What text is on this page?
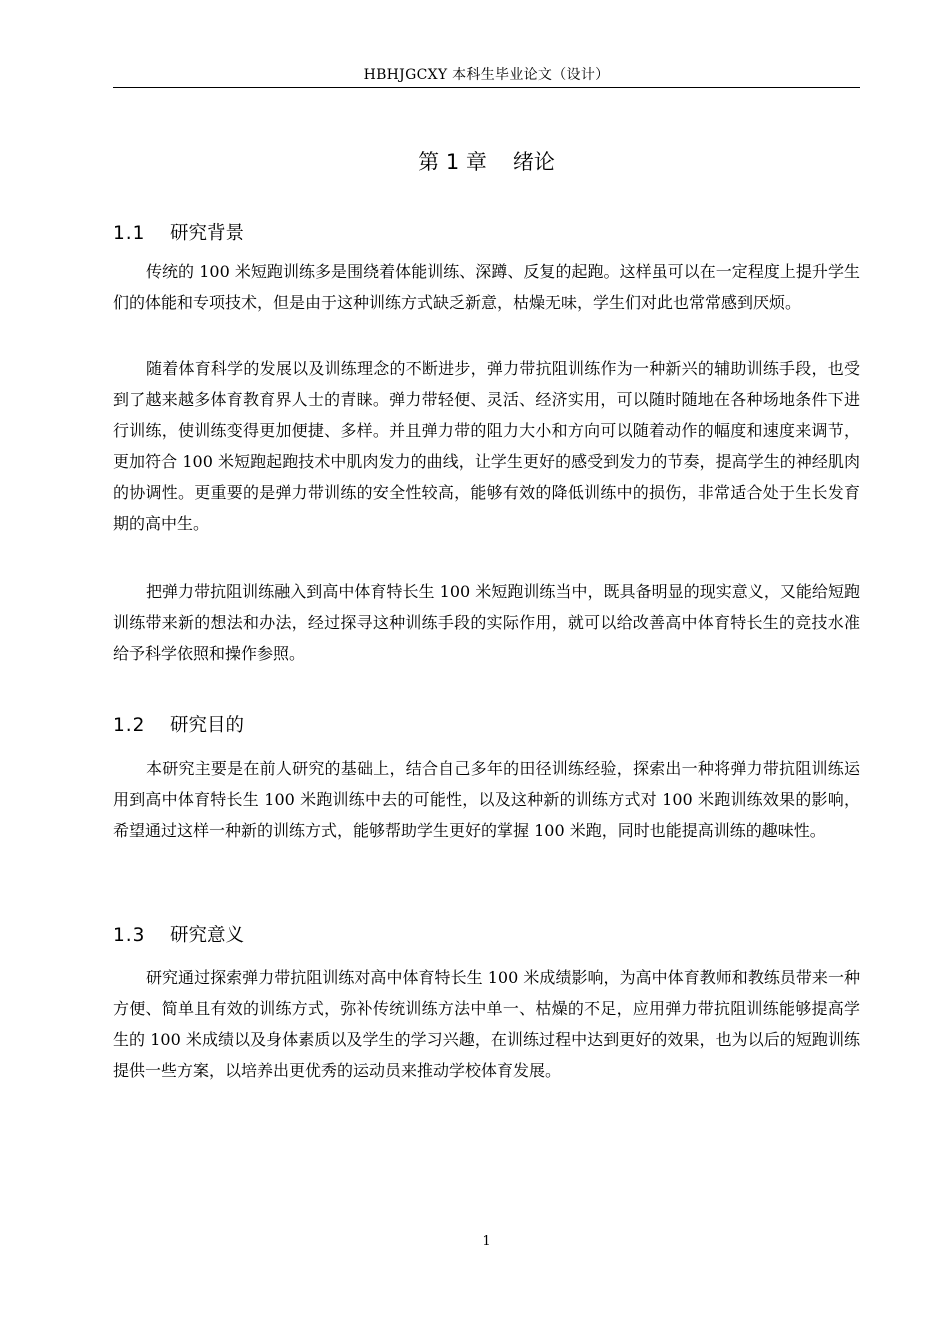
HBHJGCXY 本科生毕业论文（设计）
第 1 章 绪论
1.1 研究背景

传统的 100 米短跑训练多是围绕着体能训练、深蹲、反复的起跑。这样虽可以在一定程度上提升学生们的体能和专项技术，但是由于这种训练方式缺乏新意，枯燥无味，学生们对此也常常感到厌烦。

随着体育科学的发展以及训练理念的不断进步，弹力带抗阻训练作为一种新兴的辅助训练手段，也受到了越来越多体育教育界人士的青睐。弹力带轻便、灵活、经济实用，可以随时随地在各种场地条件下进行训练，使训练变得更加便捷、多样。并且弹力带的阻力大小和方向可以随着动作的幅度和速度来调节，更加符合 100 米短跑起跑技术中肌肉发力的曲线，让学生更好的感受到发力的节奏，提高学生的神经肌肉的协调性。更重要的是弹力带训练的安全性较高，能够有效的降低训练中的损伤，非常适合处于生长发育期的高中生。

把弹力带抗阻训练融入到高中体育特长生 100 米短跑训练当中，既具备明显的现实意义，又能给短跑训练带来新的想法和办法，经过探寻这种训练手段的实际作用，就可以给改善高中体育特长生的竞技水准给予科学依照和操作参照。

1.2 研究目的

本研究主要是在前人研究的基础上，结合自己多年的田径训练经验，探索出一种将弹力带抗阻训练运用到高中体育特长生 100 米跑训练中去的可能性，以及这种新的训练方式对 100 米跑训练效果的影响，希望通过这样一种新的训练方式，能够帮助学生更好的掌握 100 米跑，同时也能提高训练的趣味性。

1.3 研究意义

研究通过探索弹力带抗阻训练对高中体育特长生 100 米成绩影响，为高中体育教师和教练员带来一种方便、简单且有效的训练方式，弥补传统训练方法中单一、枯燥的不足，应用弹力带抗阻训练能够提高学生的 100 米成绩以及身体素质以及学生的学习兴趣，在训练过程中达到更好的效果，也为以后的短跑训练提供一些方案，以培养出更优秀的运动员来推动学校体育发展。

1
